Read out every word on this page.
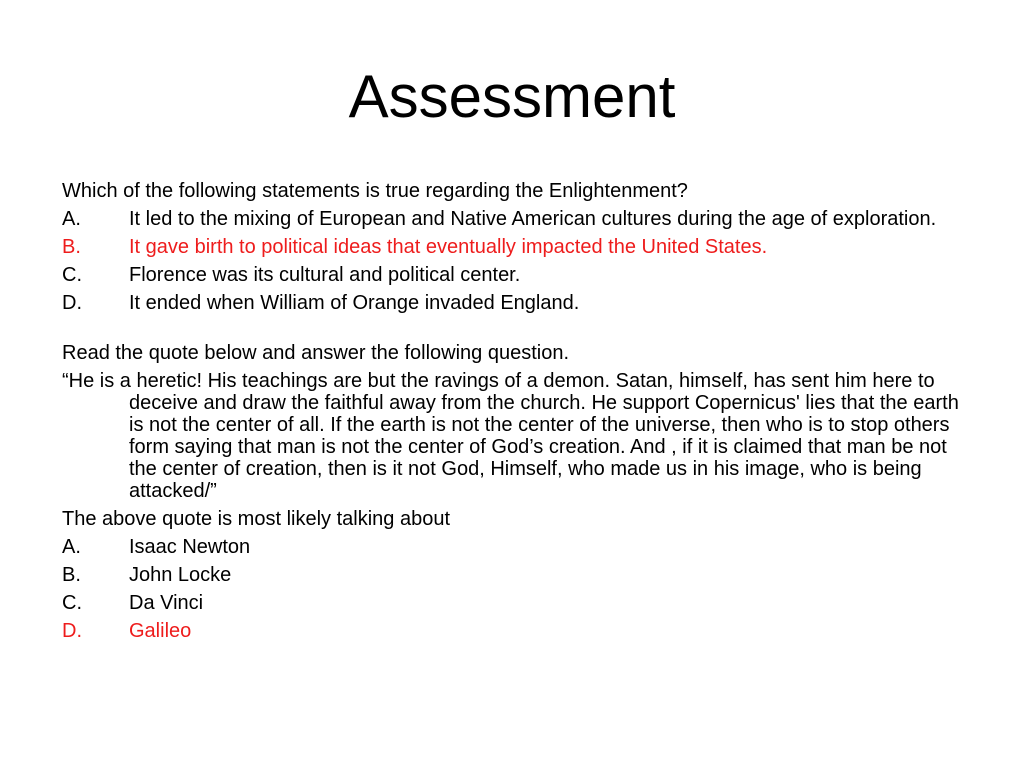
Assessment
Which of the following statements is true regarding the Enlightenment?
A.	It led to the mixing of European and Native American cultures during the age of exploration.
B.	It gave birth to political ideas that eventually impacted the United States.
C.	Florence was its cultural and political center.
D.	It ended when William of Orange invaded England.
Read the quote below and answer the following question.
“He is a heretic! His teachings are but the ravings of a demon. Satan, himself, has sent him here to deceive and draw the faithful away from the church. He support Copernicus' lies that the earth is not the center of all. If the earth is not the center of the universe, then who is to stop others form saying that man is not the center of God’s creation. And , if it is claimed that man be not the center of creation, then is it not God, Himself, who made us in his image, who is being attacked/”
The above quote is most likely talking about
A.	Isaac Newton
B.	John Locke
C.	Da Vinci
D.	Galileo
